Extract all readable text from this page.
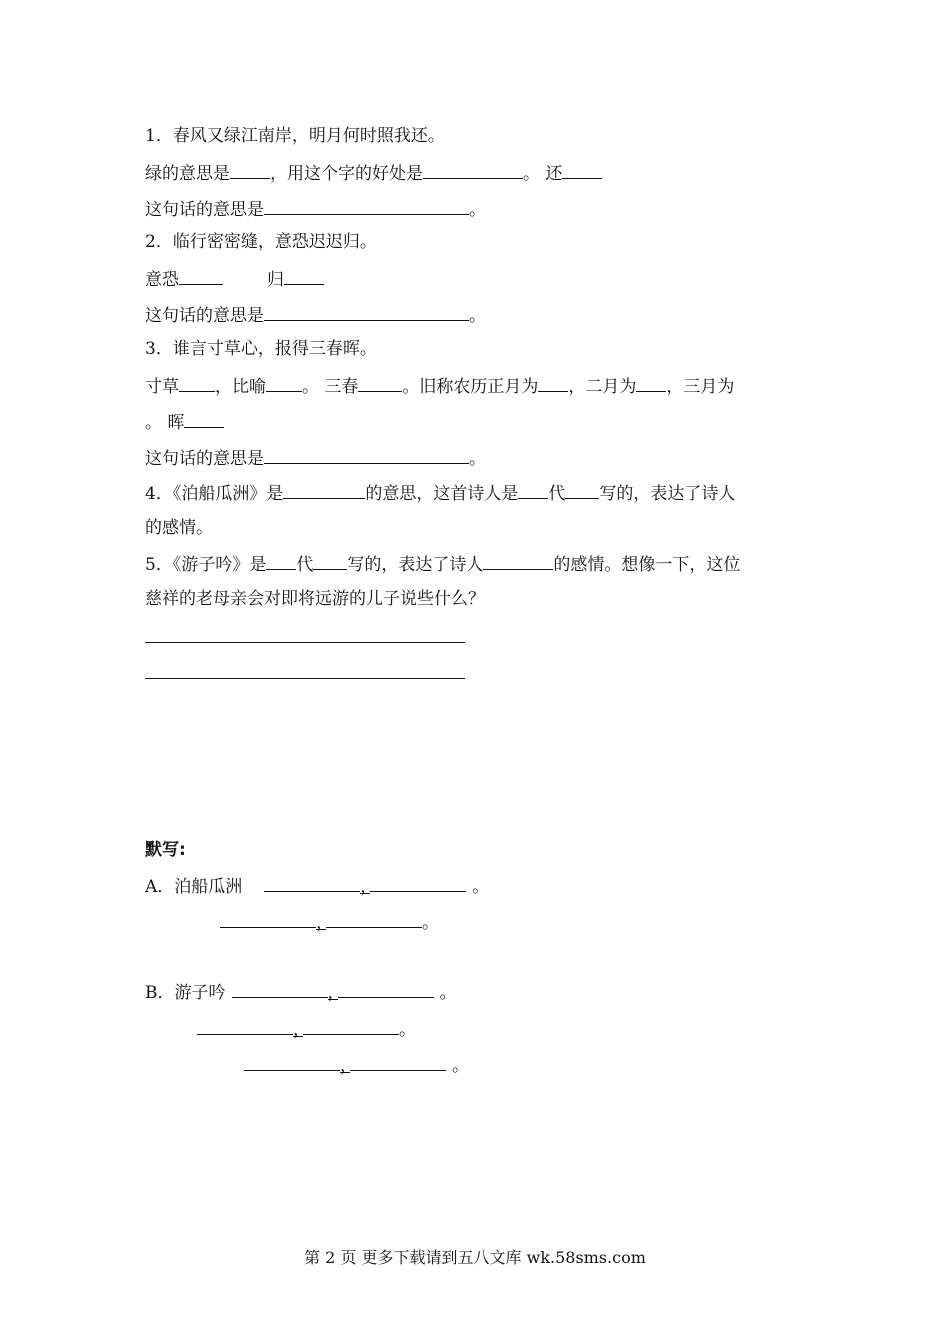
1．春风又绿江南岸，明月何时照我还。
绿的意思是 ，用这个字的好处是	。 还
这句话的意思是	。
2．临行密密缝，意恐迟迟归。
意恐	归
这句话的意思是	。
3．谁言寸草心，报得三春晖。
寸草 ，比喻 。 三春	。旧称农历正月为 ，二月为 ，三月为
。 晖
这句话的意思是	。
4．《泊船瓜洲》是	的意思，这首诗人是 代 写的，表达了诗人
的感情。
5．《游子吟》是 代 写的，表达了诗人	的感情。想像一下，这位
慈祥的老母亲会对即将远游的儿子说些什么？
默写:
A．泊船瓜洲	，	。
，	。
B．游子吟	，	。
，	。
，	。
第 2 页 更多下载请到五八文库 wk.58sms.com
